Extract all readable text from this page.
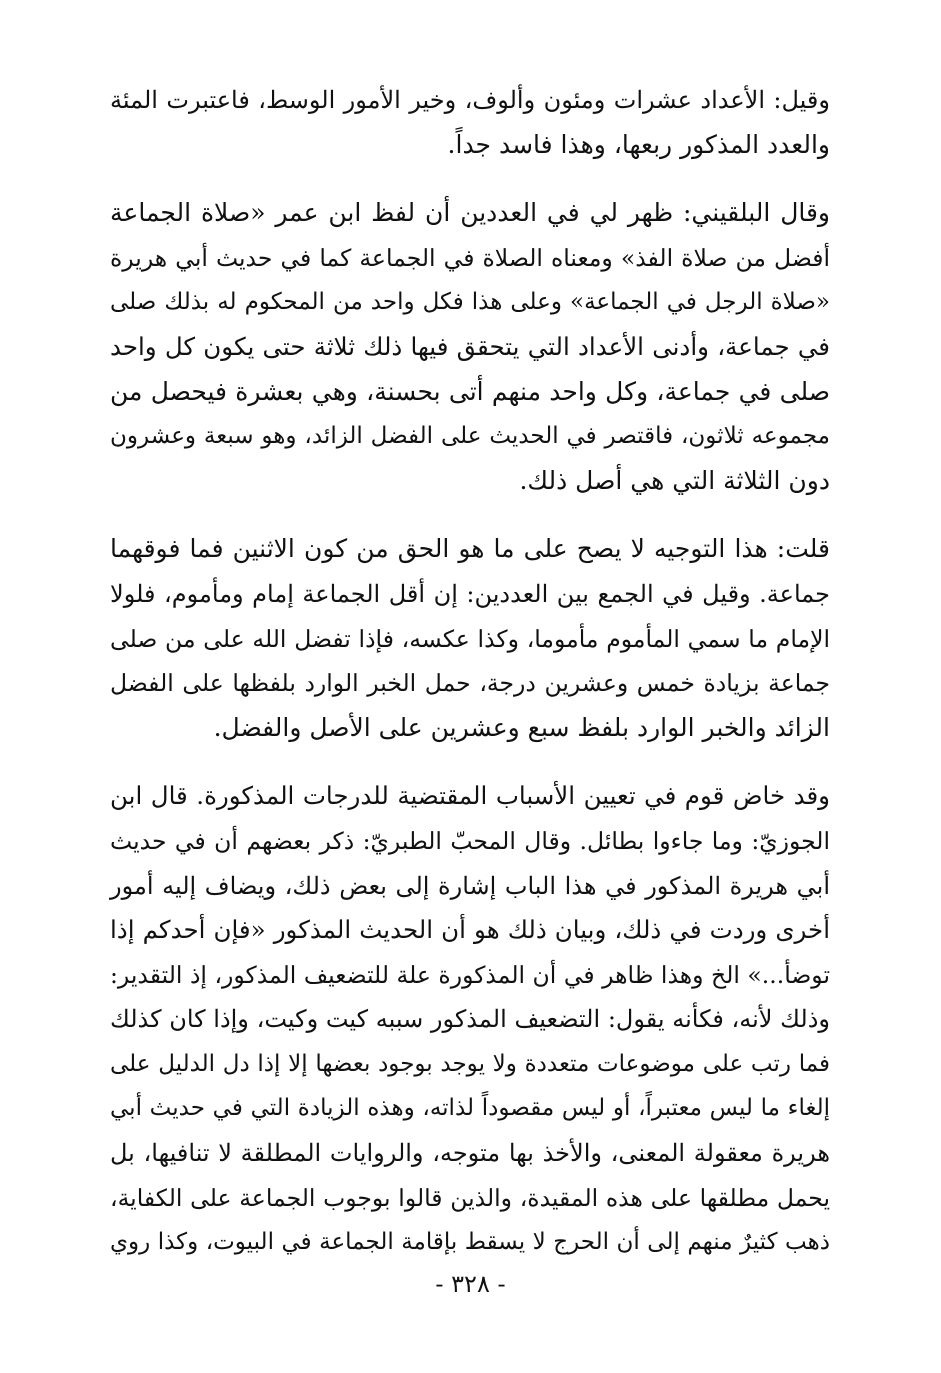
وقيل: الأعداد عشرات ومئون وألوف، وخير الأمور الوسط، فاعتبرت المئة
والعدد المذكور ربعها، وهذا فاسد جداً.
وقال البلقيني: ظهر لي في العددين أن لفظ ابن عمر «صلاة الجماعة
أفضل من صلاة الفذ» ومعناه الصلاة في الجماعة كما في حديث أبي هريرة
«صلاة الرجل في الجماعة» وعلى هذا فكل واحد من المحكوم له بذلك صلى
في جماعة، وأدنى الأعداد التي يتحقق فيها ذلك ثلاثة حتى يكون كل واحد
صلى في جماعة، وكل واحد منهم أتى بحسنة، وهي بعشرة فيحصل من
مجموعه ثلاثون، فاقتصر في الحديث على الفضل الزائد، وهو سبعة وعشرون
دون الثلاثة التي هي أصل ذلك.
قلت: هذا التوجيه لا يصح على ما هو الحق من كون الاثنين فما فوقهما
جماعة. وقيل في الجمع بين العددين: إن أقل الجماعة إمام ومأموم، فلولا
الإمام ما سمي المأموم مأموما، وكذا عكسه، فإذا تفضل الله على من صلى
جماعة بزيادة خمس وعشرين درجة، حمل الخبر الوارد بلفظها على الفضل
الزائد والخبر الوارد بلفظ سبع وعشرين على الأصل والفضل.
وقد خاض قوم في تعيين الأسباب المقتضية للدرجات المذكورة. قال ابن
الجوزيّ: وما جاءوا بطائل. وقال المحبّ الطبريّ: ذكر بعضهم أن في حديث
أبي هريرة المذكور في هذا الباب إشارة إلى بعض ذلك، ويضاف إليه أمور
أخرى وردت في ذلك، وبيان ذلك هو أن الحديث المذكور «فإن أحدكم إذا
توضأ...» الخ وهذا ظاهر في أن المذكورة علة للتضعيف المذكور، إذ التقدير:
وذلك لأنه، فكأنه يقول: التضعيف المذكور سببه كيت وكيت، وإذا كان كذلك
فما رتب على موضوعات متعددة ولا يوجد بوجود بعضها إلا إذا دل الدليل على
إلغاء ما ليس معتبراً، أو ليس مقصوداً لذاته، وهذه الزيادة التي في حديث أبي
هريرة معقولة المعنى، والأخذ بها متوجه، والروايات المطلقة لا تنافيها، بل
يحمل مطلقها على هذه المقيدة، والذين قالوا بوجوب الجماعة على الكفاية،
ذهب كثيرٌ منهم إلى أن الحرج لا يسقط بإقامة الجماعة في البيوت، وكذا روي
- ٣٢٨ -
